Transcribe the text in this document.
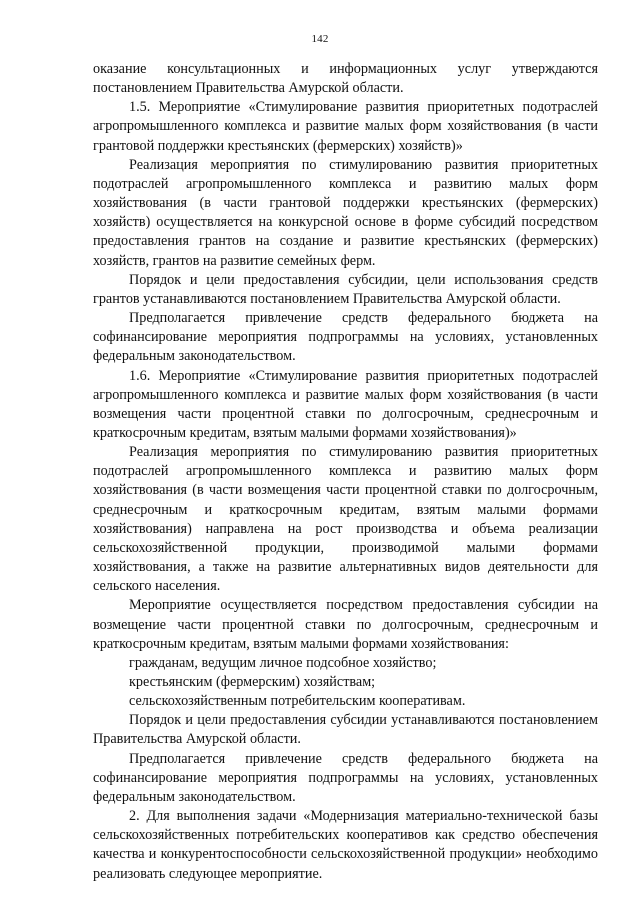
142

оказание консультационных и информационных услуг утверждаются постановлением Правительства Амурской области.

1.5. Мероприятие «Стимулирование развития приоритетных подотраслей агропромышленного комплекса и развитие малых форм хозяйствования (в части грантовой поддержки крестьянских (фермерских) хозяйств)»

Реализация мероприятия по стимулированию развития приоритетных подотраслей агропромышленного комплекса и развитию малых форм хозяйствования (в части грантовой поддержки крестьянских (фермерских) хозяйств) осуществляется на конкурсной основе в форме субсидий посредством предоставления грантов на создание и развитие крестьянских (фермерских) хозяйств, грантов на развитие семейных ферм.

Порядок и цели предоставления субсидии, цели использования средств грантов устанавливаются постановлением Правительства Амурской области.

Предполагается привлечение средств федерального бюджета на софинансирование мероприятия подпрограммы на условиях, установленных федеральным законодательством.

1.6. Мероприятие «Стимулирование развития приоритетных подотраслей агропромышленного комплекса и развитие малых форм хозяйствования (в части возмещения части процентной ставки по долгосрочным, среднесрочным и краткосрочным кредитам, взятым малыми формами хозяйствования)»

Реализация мероприятия по стимулированию развития приоритетных подотраслей агропромышленного комплекса и развитию малых форм хозяйствования (в части возмещения части процентной ставки по долгосрочным, среднесрочным и краткосрочным кредитам, взятым малыми формами хозяйствования) направлена на рост производства и объема реализации сельскохозяйственной продукции, производимой малыми формами хозяйствования, а также на развитие альтернативных видов деятельности для сельского населения.

Мероприятие осуществляется посредством предоставления субсидии на возмещение части процентной ставки по долгосрочным, среднесрочным и краткосрочным кредитам, взятым малыми формами хозяйствования:

гражданам, ведущим личное подсобное хозяйство;

крестьянским (фермерским) хозяйствам;

сельскохозяйственным потребительским кооперативам.

Порядок и цели предоставления субсидии устанавливаются постановлением Правительства Амурской области.

Предполагается привлечение средств федерального бюджета на софинансирование мероприятия подпрограммы на условиях, установленных федеральным законодательством.

2. Для выполнения задачи «Модернизация материально-технической базы сельскохозяйственных потребительских кооперативов как средство обеспечения качества и конкурентоспособности сельскохозяйственной продукции» необходимо реализовать следующее мероприятие.
